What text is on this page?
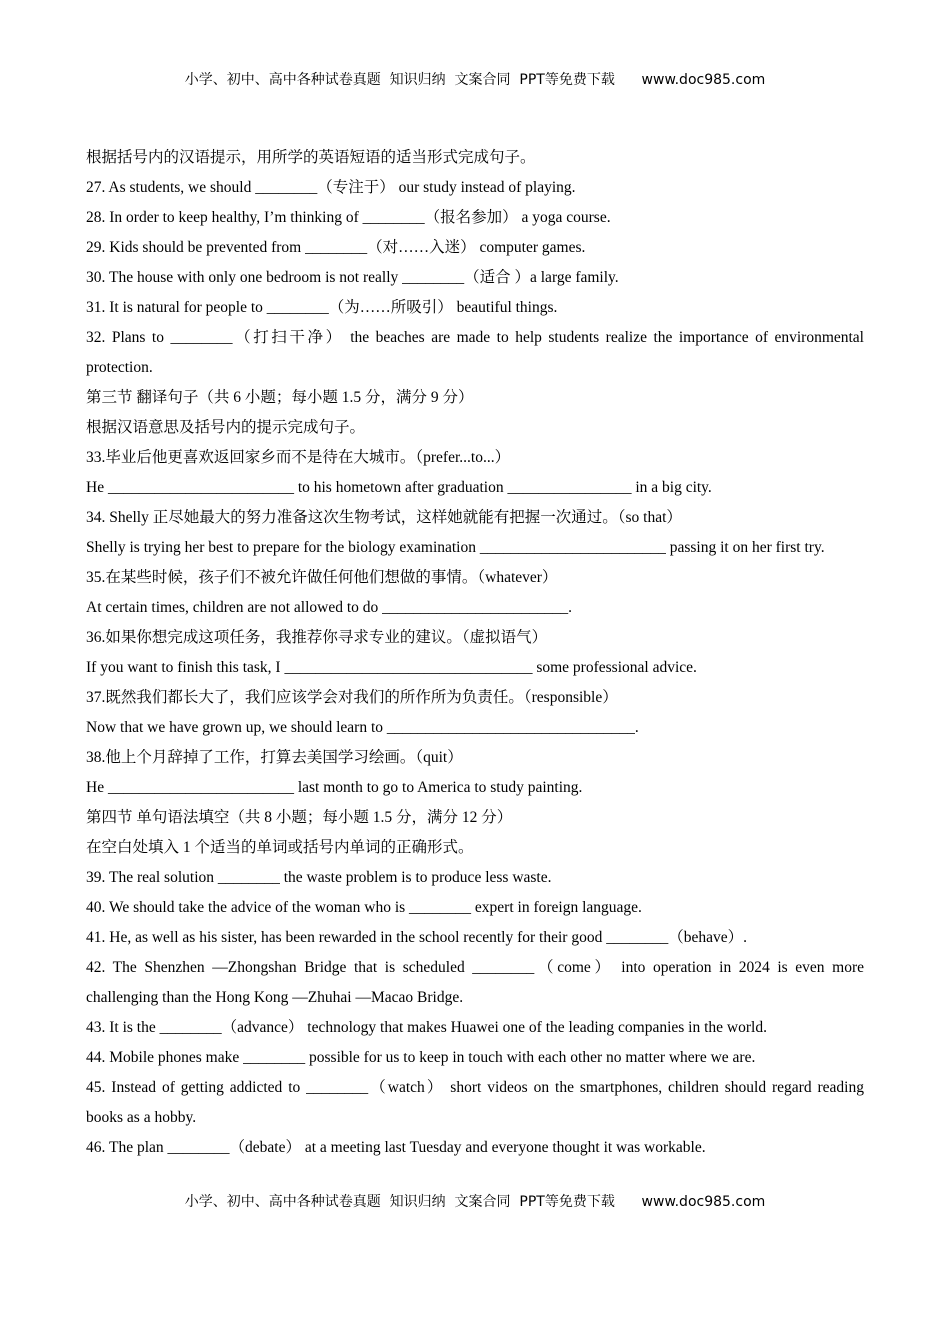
小学、初中、高中各种试卷真题  知识归纳  文案合同  PPT等免费下载      www.doc985.com
根据括号内的汉语提示，用所学的英语短语的适当形式完成句子。
27. As students, we should ________（专注于） our study instead of playing.
28. In order to keep healthy, I’m thinking of ________（报名参加） a yoga course.
29. Kids should be prevented from ________（对……入迷） computer games.
30. The house with only one bedroom is not really ________（适合 ）a large family.
31. It is natural for people to ________（为……所吸引） beautiful things.
32. Plans to ________（打扫干净） the beaches are made to help students realize the importance of environmental protection.
第三节 翻译句子（共 6 小题；每小题 1.5 分，满分 9 分）
根据汉语意思及括号内的提示完成句子。
33.毕业后他更喜欢返回家乡而不是待在大城市。（prefer...to...）
He ________________________ to his hometown after graduation ________________ in a big city.
34. Shelly 正尽她最大的努力准备这次生物考试，这样她就能有把握一次通过。（so that）
Shelly is trying her best to prepare for the biology examination ________________________ passing it on her first try.
35.在某些时候，孩子们不被允许做任何他们想做的事情。（whatever）
At certain times, children are not allowed to do ________________________.
36.如果你想完成这项任务，我推荐你寻求专业的建议。（虚拟语气）
If you want to finish this task, I ________________________________ some professional advice.
37.既然我们都长大了，我们应该学会对我们的所作所为负责任。（responsible）
Now that we have grown up, we should learn to ________________________________.
38.他上个月辞掉了工作，打算去美国学习绘画。（quit）
He ________________________ last month to go to America to study painting.
第四节 单句语法填空（共 8 小题；每小题 1.5 分，满分 12 分）
在空白处填入 1 个适当的单词或括号内单词的正确形式。
39. The real solution ________ the waste problem is to produce less waste.
40. We should take the advice of the woman who is ________ expert in foreign language.
41. He, as well as his sister, has been rewarded in the school recently for their good ________（behave）.
42. The Shenzhen —Zhongshan Bridge that is scheduled ________（come） into operation in 2024 is even more challenging than the Hong Kong —Zhuhai —Macao Bridge.
43. It is the ________（advance） technology that makes Huawei one of the leading companies in the world.
44. Mobile phones make ________ possible for us to keep in touch with each other no matter where we are.
45. Instead of getting addicted to ________（watch） short videos on the smartphones, children should regard reading books as a hobby.
46. The plan ________（debate） at a meeting last Tuesday and everyone thought it was workable.
小学、初中、高中各种试卷真题  知识归纳  文案合同  PPT等免费下载      www.doc985.com
